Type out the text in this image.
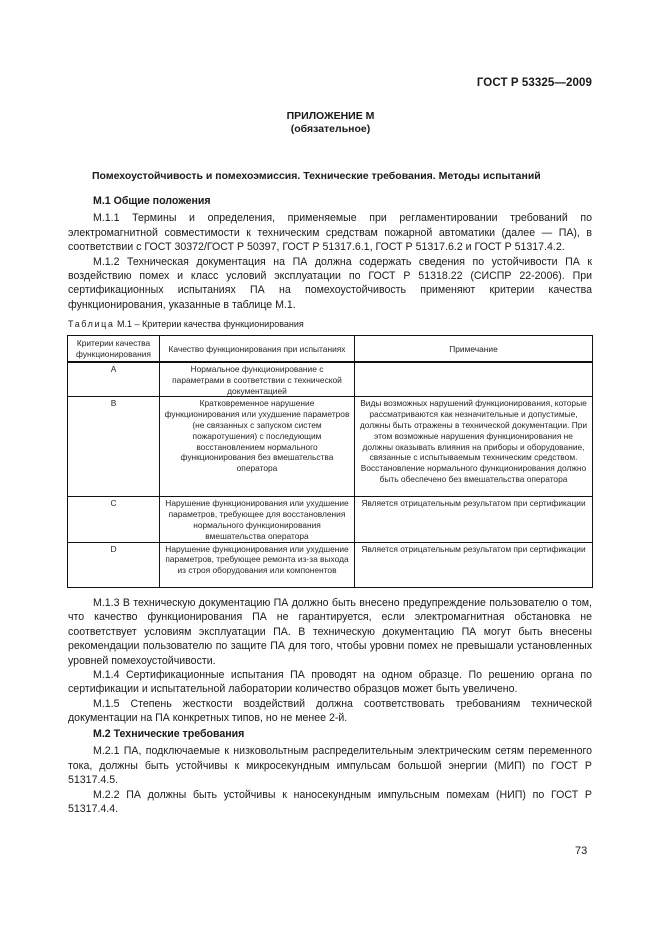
ГОСТ Р 53325—2009
ПРИЛОЖЕНИЕ М
(обязательное)
Помехоустойчивость и помехоэмиссия. Технические требования. Методы испытаний
М.1 Общие положения

М.1.1 Термины и определения, применяемые при регламентировании требований по электромагнитной совместимости к техническим средствам пожарной автоматики (далее — ПА), в соответствии с ГОСТ 30372/ГОСТ Р 50397, ГОСТ Р 51317.6.1, ГОСТ Р 51317.6.2 и ГОСТ Р 51317.4.2.

М.1.2 Техническая документация на ПА должна содержать сведения по устойчивости ПА к воздействию помех и класс условий эксплуатации по ГОСТ Р 51318.22 (СИСПР 22-2006). При сертификационных испытаниях ПА на помехоустойчивость применяют критерии качества функционирования, указанные в таблице М.1.

Таблица М.1 – Критерии качества функционирования
Критерии качества функционирования	Качество функционирования при испытаниях	Примечание
А	Нормальное функционирование с параметрами в соответствии с технической документацией	
В	Кратковременное нарушение функционирования или ухудшение параметров (не связанных с запуском систем пожаротушения) с последующим восстановлением нормального функционирования без вмешательства оператора	Виды возможных нарушений функционирования, которые рассматриваются как незначительные и допустимые, должны быть отражены в технической документации. При этом возможные нарушения функционирования не должны оказывать влияния на приборы и оборудование, связанные с испытываемым техническим средством. Восстановление нормального функционирования должно быть обеспечено без вмешательства оператора
С	Нарушение функционирования или ухудшение параметров, требующее для восстановления нормального функционирования вмешательства оператора	Является отрицательным результатом при сертификации
D	Нарушение функционирования или ухудшение параметров, требующее ремонта из-за выхода из строя оборудования или компонентов	Является отрицательным результатом при сертификации

М.1.3 В техническую документацию ПА должно быть внесено предупреждение пользователю о том, что качество функционирования ПА не гарантируется, если электромагнитная обстановка не соответствует условиям эксплуатации ПА. В техническую документацию ПА могут быть внесены рекомендации пользователю по защите ПА для того, чтобы уровни помех не превышали установленных уровней помехоустойчивости.

М.1.4 Сертификационные испытания ПА проводят на одном образце. По решению органа по сертификации и испытательной лаборатории количество образцов может быть увеличено.

М.1.5 Степень жесткости воздействий должна соответствовать требованиям технической документации на ПА конкретных типов, но не менее 2-й.

М.2 Технические требования

М.2.1 ПА, подключаемые к низковольтным распределительным электрическим сетям переменного тока, должны быть устойчивы к микросекундным импульсам большой энергии (МИП) по ГОСТ Р 51317.4.5.

М.2.2 ПА должны быть устойчивы к наносекундным импульсным помехам (НИП) по ГОСТ Р 51317.4.4.

73
